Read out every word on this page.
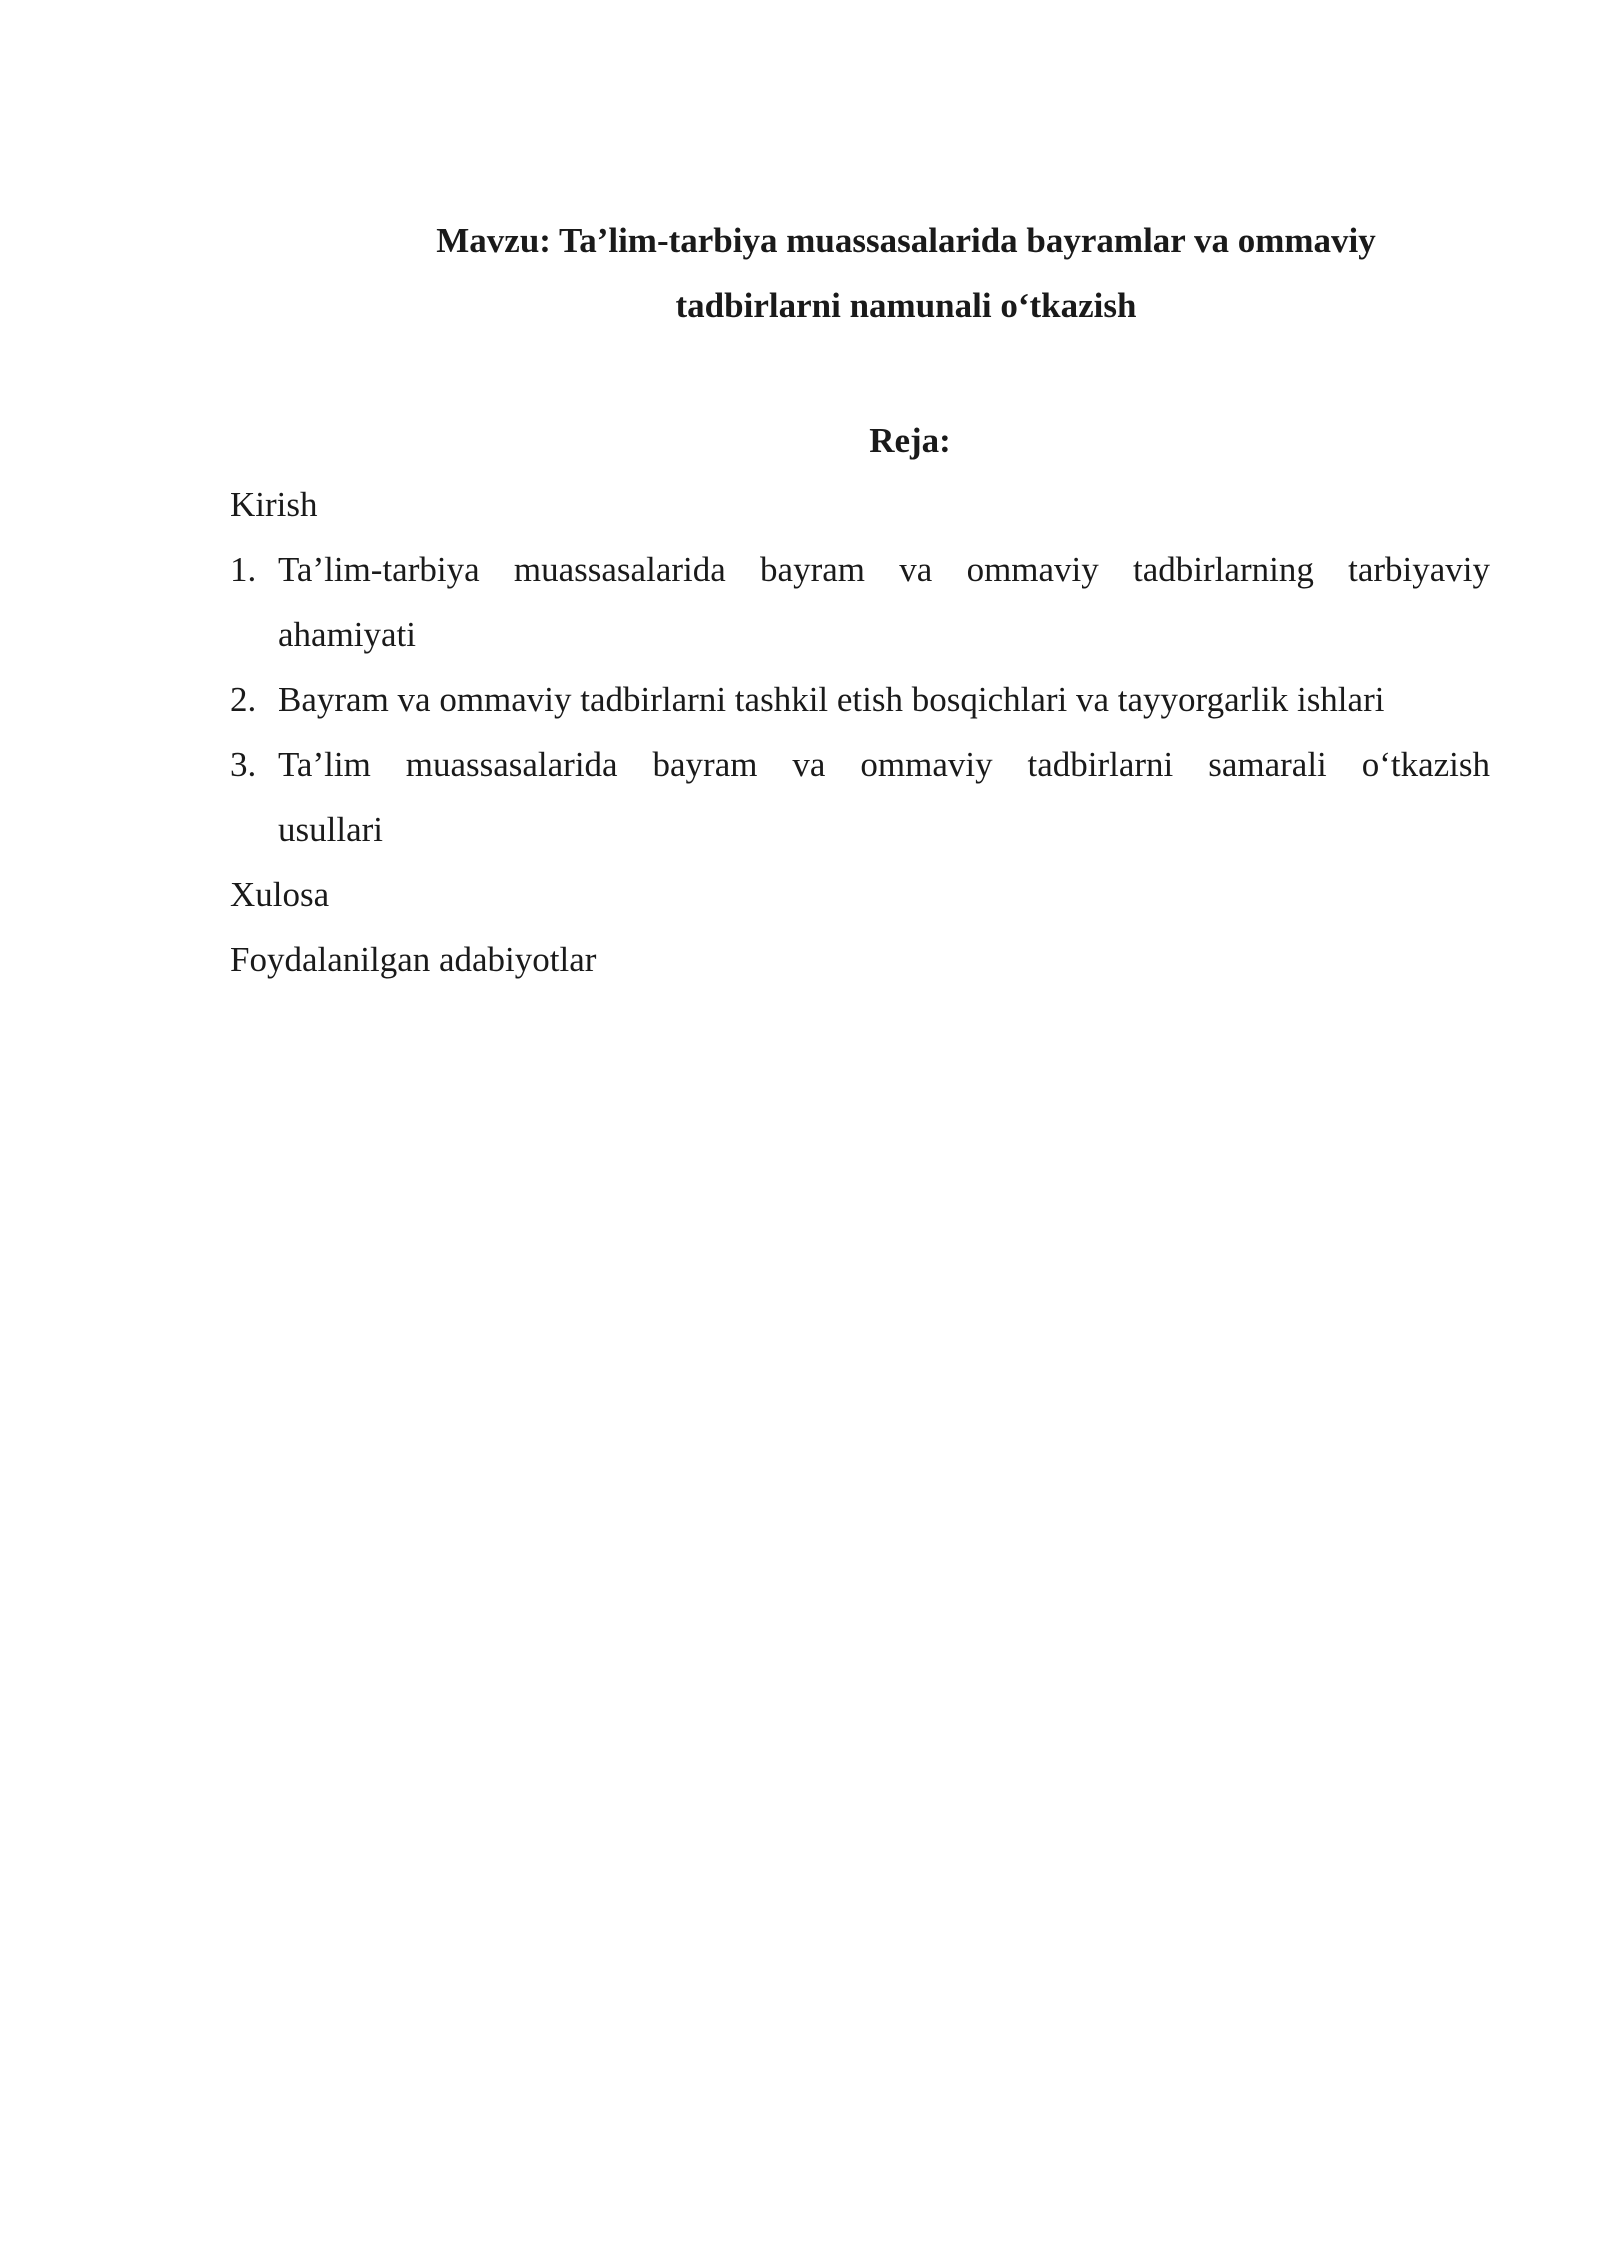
Mavzu: Ta’lim-tarbiya muassasalarida bayramlar va ommaviy
tadbirlarni namunali o‘tkazish
Reja:
Kirish
1. Ta’lim-tarbiya muassasalarida bayram va ommaviy tadbirlarning tarbiyaviy
ahamiyati
2. Bayram va ommaviy tadbirlarni tashkil etish bosqichlari va tayyorgarlik ishlari
3. Ta’lim muassasalarida bayram va ommaviy tadbirlarni samarali o‘tkazish
usullari
Xulosa
Foydalanilgan adabiyotlar
